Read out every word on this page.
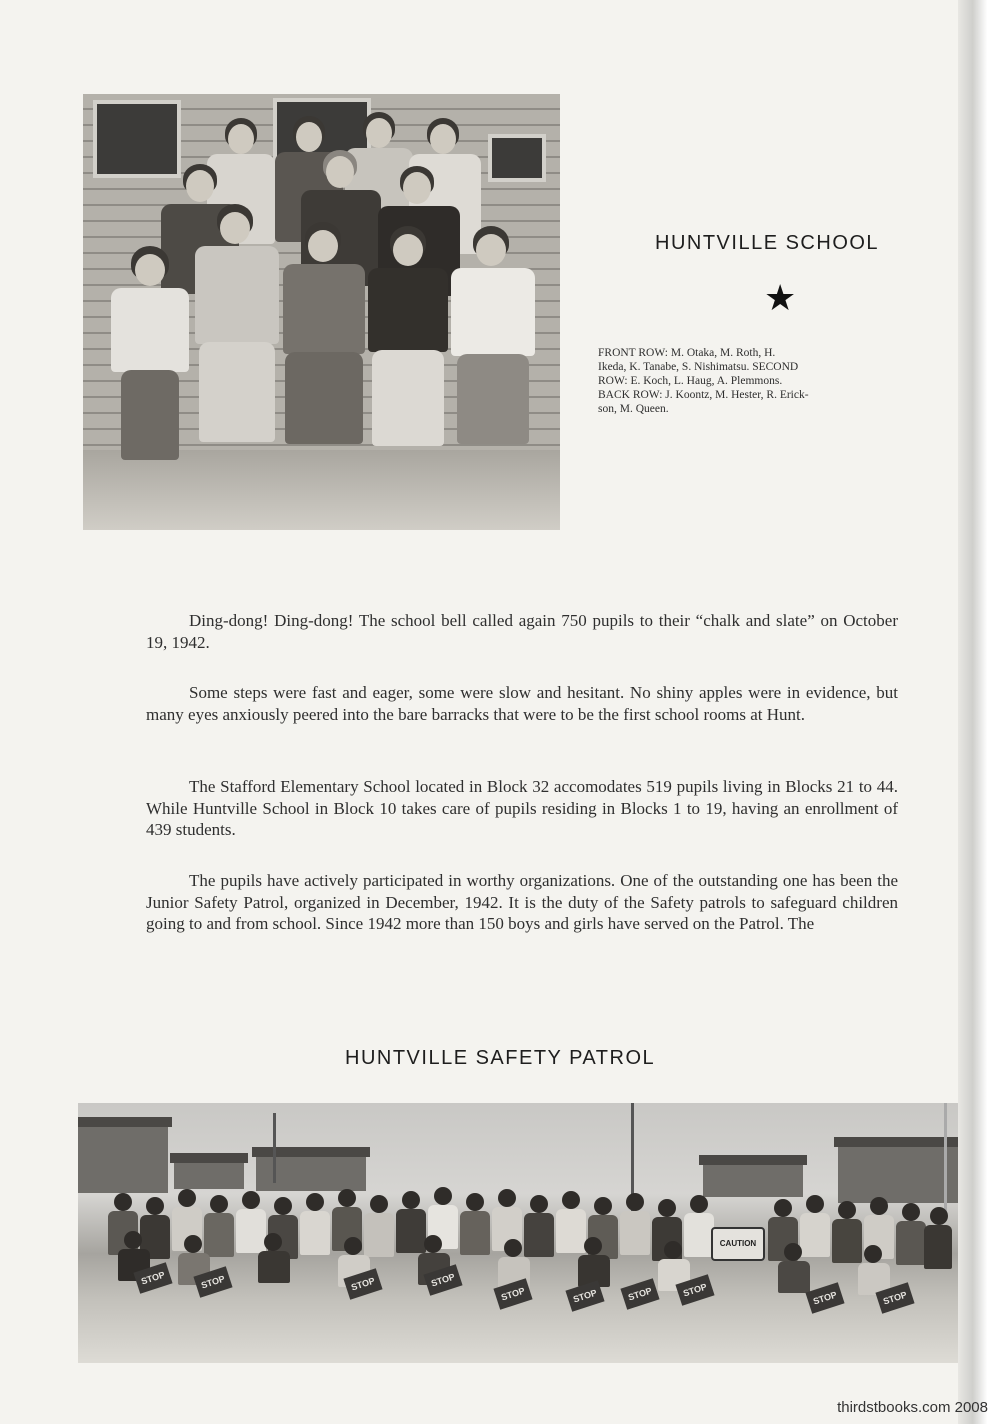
HUNTVILLE SCHOOL
★
FRONT ROW: M. Otaka, M. Roth, H.
Ikeda, K. Tanabe, S. Nishimatsu. SECOND
ROW: E. Koch, L. Haug, A. Plemmons.
BACK ROW: J. Koontz, M. Hester, R. Erick-
son, M. Queen.

Ding-dong! Ding-dong! The school bell called again 750 pupils to their “chalk and slate” on October 19, 1942.

Some steps were fast and eager, some were slow and hesitant. No shiny apples were in evidence, but many eyes anxiously peered into the bare barracks that were to be the first school rooms at Hunt.

The Stafford Elementary School located in Block 32 accomodates 519 pupils living in Blocks 21 to 44. While Huntville School in Block 10 takes care of pupils residing in Blocks 1 to 19, having an enrollment of 439 students.

The pupils have actively participated in worthy organizations. One of the outstanding one has been the Junior Safety Patrol, organized in December, 1942. It is the duty of the Safety patrols to safeguard children going to and from school. Since 1942 more than 150 boys and girls have served on the Patrol. The

HUNTVILLE SAFETY PATROL
STOP	STOP	STOP	STOP
STOP	STOP	STOP	STOP	STOP	STOP
CAUTION
thirdstbooks.com 2008
